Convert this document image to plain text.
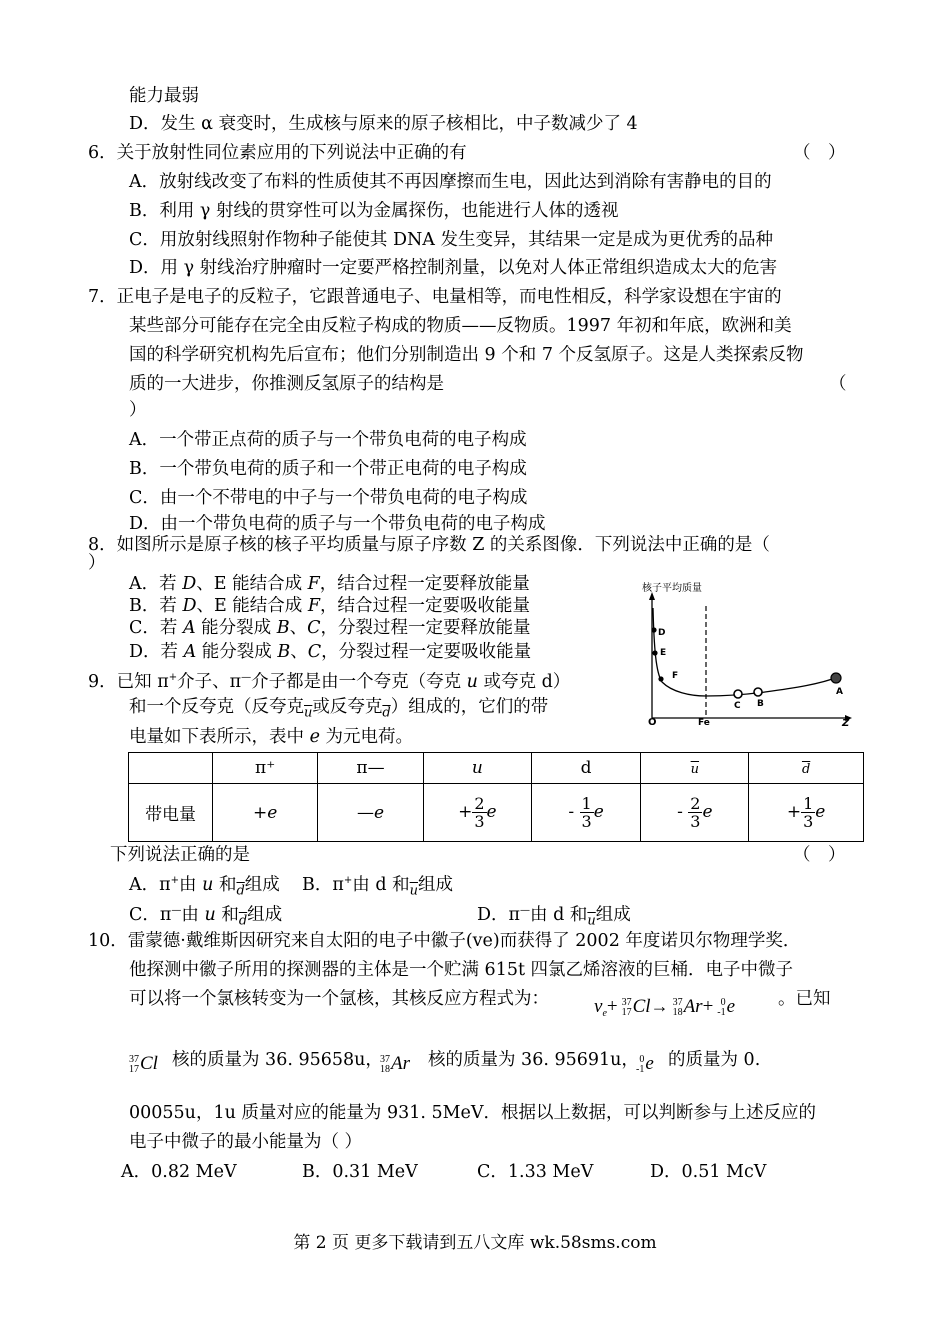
能力最弱
D．发生 α 衰变时，生成核与原来的原子核相比，中子数减少了 4
6．关于放射性同位素应用的下列说法中正确的有	（　）
A．放射线改变了布料的性质使其不再因摩擦而生电，因此达到消除有害静电的目的
B．利用 γ 射线的贯穿性可以为金属探伤，也能进行人体的透视
C．用放射线照射作物种子能使其 DNA 发生变异，其结果一定是成为更优秀的品种
D．用 γ 射线治疗肿瘤时一定要严格控制剂量，以免对人体正常组织造成太大的危害
7．正电子是电子的反粒子，它跟普通电子、电量相等，而电性相反，科学家设想在宇宙的
某些部分可能存在完全由反粒子构成的物质——反物质。1997 年初和年底，欧洲和美
国的科学研究机构先后宣布；他们分别制造出 9 个和 7 个反氢原子。这是人类探索反物
质的一大进步，你推测反氢原子的结构是	（
）
A．一个带正点荷的质子与一个带负电荷的电子构成
B．一个带负电荷的质子和一个带正电荷的电子构成
C．由一个不带电的中子与一个带负电荷的电子构成
D．由一个带负电荷的质子与一个带负电荷的电子构成
8．如图所示是原子核的核子平均质量与原子序数 Z 的关系图像．下列说法中正确的是（
）
A．若 D、E 能结合成 F，结合过程一定要释放能量
B．若 D、E 能结合成 F，结合过程一定要吸收能量
C．若 A 能分裂成 B、C，分裂过程一定要释放能量
D．若 A 能分裂成 B、C，分裂过程一定要吸收能量
核子平均质量
O	Fe	Z
D
E
F
C B
A
9．已知 π+介子、π—介子都是由一个夸克（夸克 u 或夸克 d）
和一个反夸克（反夸克$_{\overline{u}}$或反夸克$_{\overline{d}}$）组成的，它们的带
电量如下表所示，表中 e 为元电荷。
	π⁺	π—	u	d	$\overline{u}$	$\overline{d}$
带电量	+e	—e	+ $\frac{2}{3}$ e	- $\frac{1}{3}$ e	- $\frac{2}{3}$ e	+ $\frac{1}{3}$ e
下列说法正确的是	（　）
A．π+由 u 和$_{\overline{d}}$组成 B．π+由 d 和$_{\overline{u}}$组成
C．π—由 u 和$_{\overline{d}}$组成	D．π—由 d 和$_{\overline{u}}$组成
10．雷蒙德·戴维斯因研究来自太阳的电子中徽子(ve)而获得了 2002 年度诺贝尔物理学奖．
他探测中徽子所用的探测器的主体是一个贮满 615t 四氯乙烯溶液的巨桶．电子中微子
可以将一个氯核转变为一个氩核，其核反应方程式为： $v_e+ 37$
17 Cl→ 37
18 Ar+ 0
-1 e 。已知
37
17 Cl 核的质量为 36. 95658u，
37
18 Ar 核的质量为 36. 95691u， 0
-1 e 的质量为 0.
00055u，1u 质量对应的能量为 931. 5MeV．根据以上数据，可以判断参与上述反应的
电子中微子的最小能量为（ ）
A．0.82 MeV	B．0.31 MeV	C．1.33 MeV	D．0.51 McV
第 2 页 更多下载请到五八文库 wk.58sms.com
